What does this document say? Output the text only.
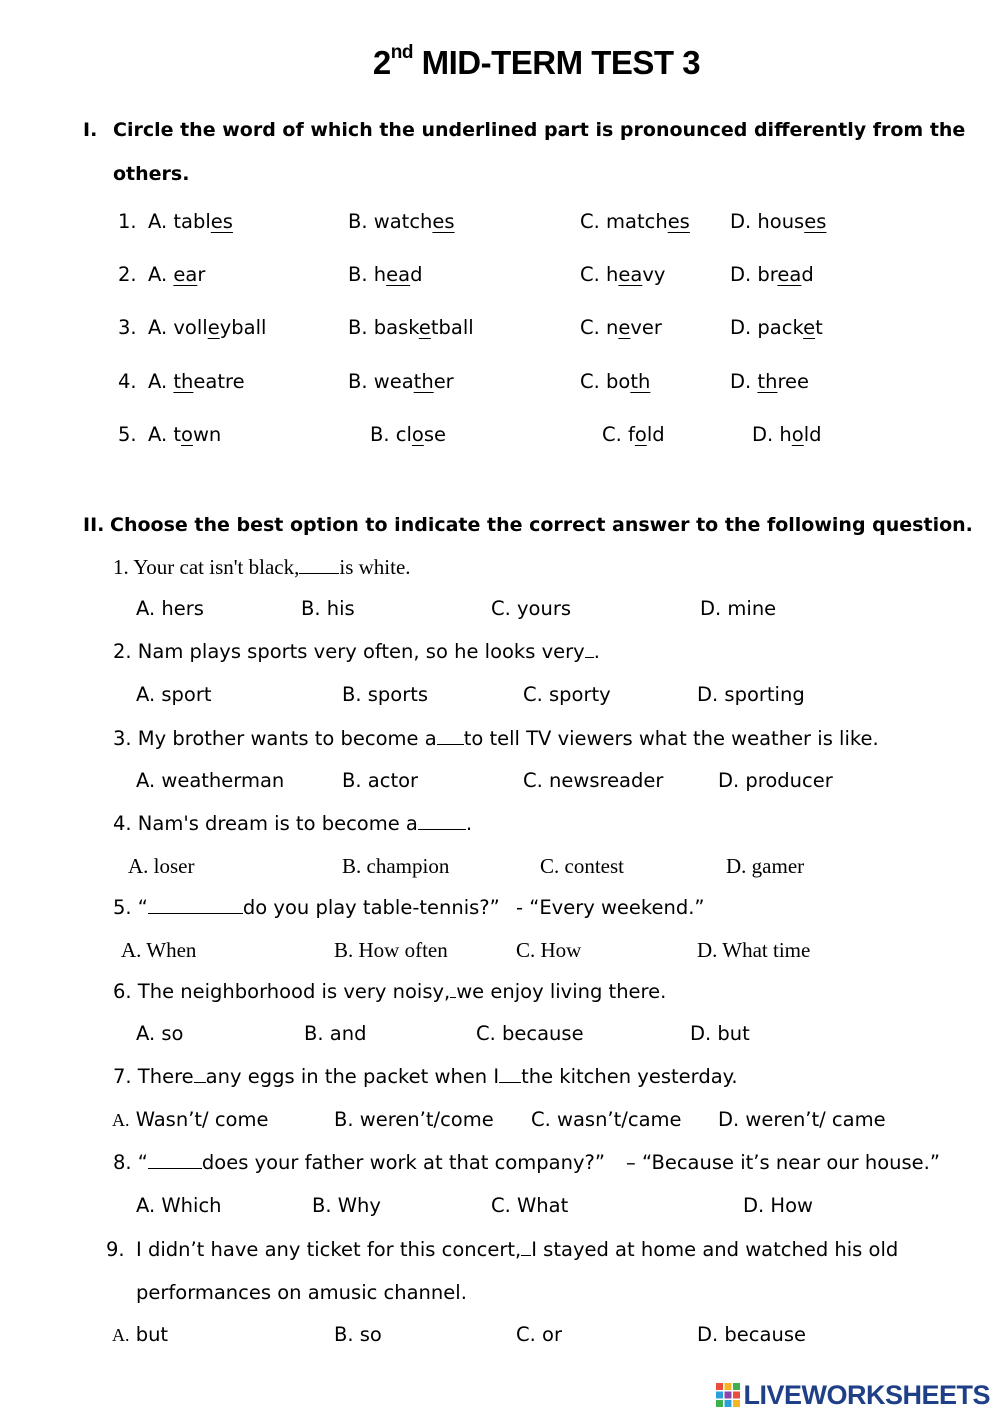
2nd MID-TERM TEST 3
I. Circle the word of which the underlined part is pronounced differently from the
others.
1. A. tables	B. watches	C. matches D. houses
2. A. ear	B. head	C. heavy	D. bread
3. A. volleyball	B. basketball	C. never	D. packet
4. A. theatre	B. weather	C. both	D. three
5. A. town	B. close	C. fold	D. hold
II. Choose the best option to indicate the correct answer to the following question.
1. Your cat isn't black, is white.
A. hers	B. his	C. yours	D. mine
2. Nam plays sports very often, so he looks very .
A. sport	B. sports	C. sporty	D. sporting
3. My brother wants to become a to tell TV viewers what the weather is like.
A. weatherman	B. actor	C. newsreader	D. producer
4. Nam's dream is to become a .
A. loser	B. champion	C. contest	D. gamer
5. “	do you play table-tennis?” - “Every weekend.”
A. When	B. How often	C. How	D. What time
6. The neighborhood is very noisy, we enjoy living there.
A. so	B. and	C. because	D. but
7. There any eggs in the packet when I the kitchen yesterday.
A. Wasn’t/ come	B. weren’t/come C. wasn’t/came D. weren’t/ came
8. “	does your father work at that company?” – “Because it’s near our house.”
A. Which	B. Why	C. What	D. How
9. I didn’t have any ticket for this concert, I stayed at home and watched his old
performances on amusic channel.
A. but	B. so	C. or	D. because
LIVEWORKSHEETS
